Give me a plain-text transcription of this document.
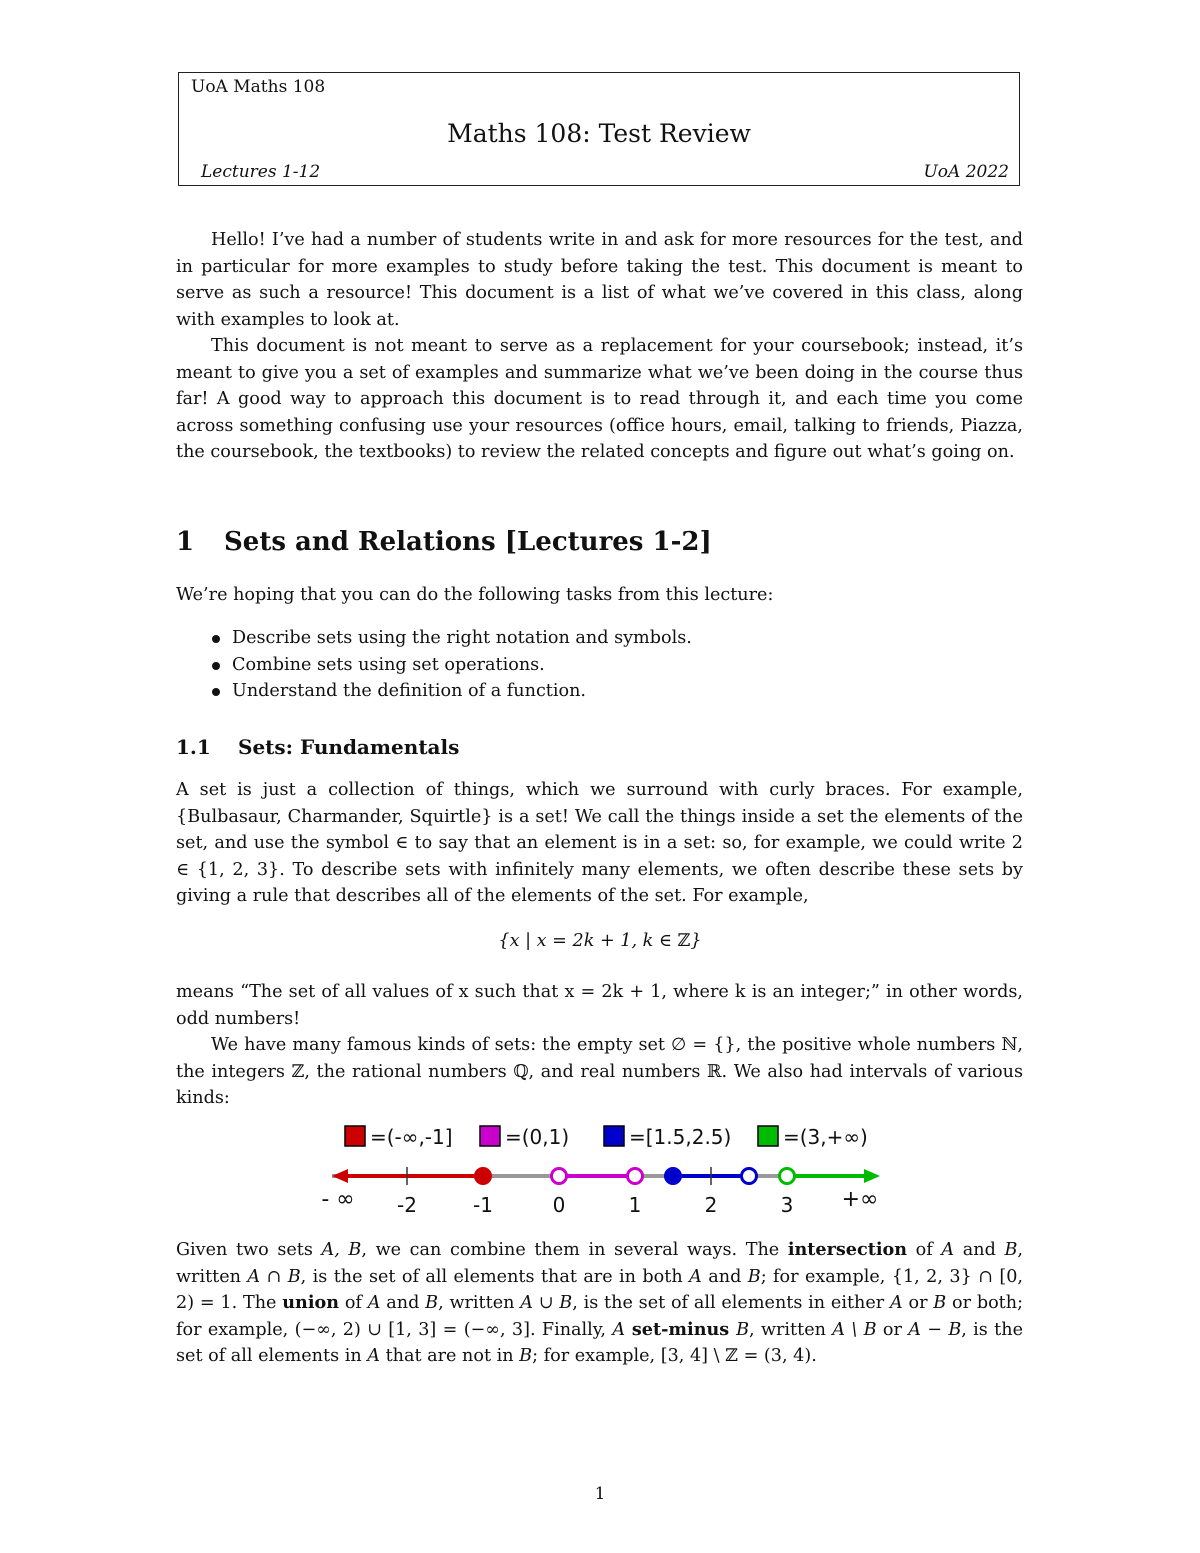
UoA Maths 108
Maths 108: Test Review
Lectures 1-12	UoA 2022

Hello! I’ve had a number of students write in and ask for more resources for the test, and in particular for more examples to study before taking the test. This document is meant to serve as such a resource! This document is a list of what we’ve covered in this class, along with examples to look at.

This document is not meant to serve as a replacement for your coursebook; instead, it’s meant to give you a set of examples and summarize what we’ve been doing in the course thus far! A good way to approach this document is to read through it, and each time you come across something confusing use your resources (office hours, email, talking to friends, Piazza, the coursebook, the textbooks) to review the related concepts and figure out what’s going on.

1 Sets and Relations [Lectures 1-2]

We’re hoping that you can do the following tasks from this lecture:

Describe sets using the right notation and symbols.
Combine sets using set operations.
Understand the definition of a function.
1.1 Sets: Fundamentals

A set is just a collection of things, which we surround with curly braces. For example, {Bulbasaur, Charmander, Squirtle} is a set! We call the things inside a set the elements of the set, and use the symbol ∈ to say that an element is in a set: so, for example, we could write 2 ∈ {1, 2, 3}. To describe sets with infinitely many elements, we often describe these sets by giving a rule that describes all of the elements of the set. For example,

{x | x = 2k + 1, k ∈ ℤ}

means “The set of all values of x such that x = 2k + 1, where k is an integer;” in other words, odd numbers!

We have many famous kinds of sets: the empty set ∅ = {}, the positive whole numbers ℕ, the integers ℤ, the rational numbers ℚ, and real numbers ℝ. We also had intervals of various kinds:

=(-∞,-1]	=(0,1)	=[1.5,2.5)	=(3,+∞)
-2	-1	0	1	2	3
- ∞	+∞

Given two sets A, B, we can combine them in several ways. The intersection of A and B, written A ∩ B, is the set of all elements that are in both A and B; for example, {1, 2, 3} ∩ [0, 2) = 1. The union of A and B, written A ∪ B, is the set of all elements in either A or B or both; for example, (−∞, 2) ∪ [1, 3] = (−∞, 3]. Finally, A set-minus B, written A \ B or A − B, is the set of all elements in A that are not in B; for example, [3, 4] \ ℤ = (3, 4).

1
